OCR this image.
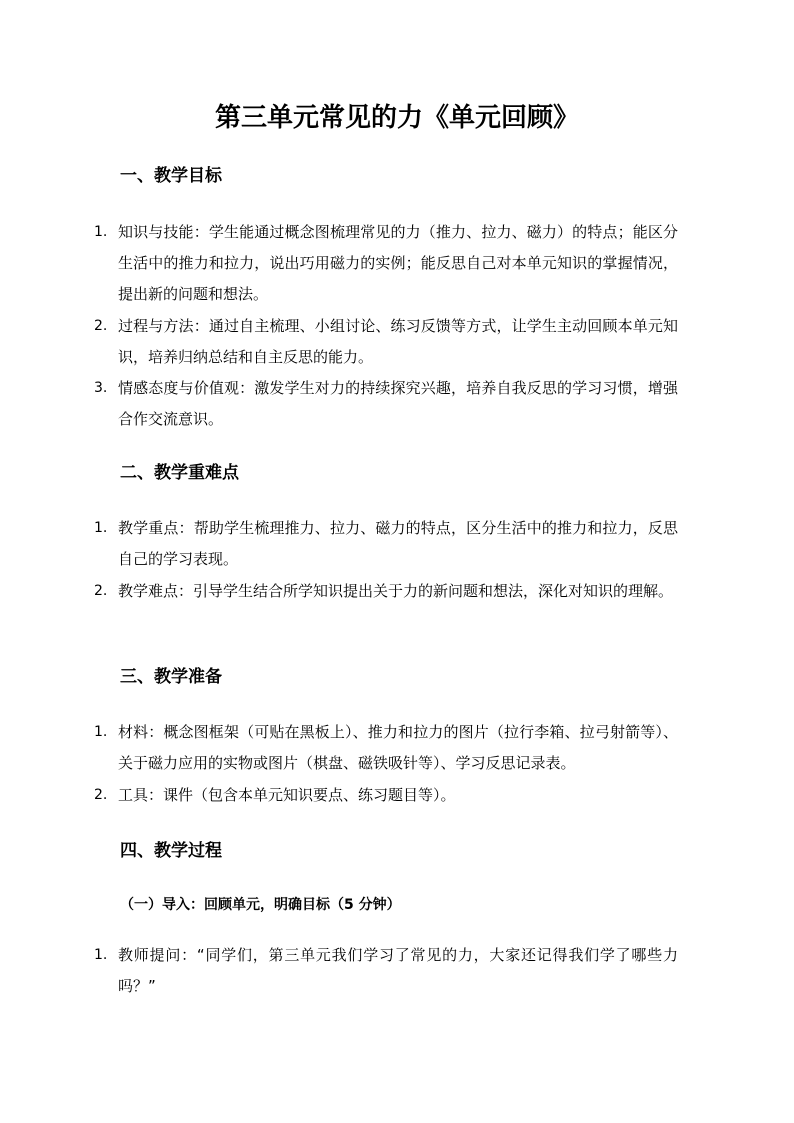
第三单元常见的力《单元回顾》
一、教学目标
1. 知识与技能：学生能通过概念图梳理常见的力（推力、拉力、磁力）的特点；能区分生活中的推力和拉力，说出巧用磁力的实例；能反思自己对本单元知识的掌握情况，提出新的问题和想法。
2. 过程与方法：通过自主梳理、小组讨论、练习反馈等方式，让学生主动回顾本单元知识，培养归纳总结和自主反思的能力。
3. 情感态度与价值观：激发学生对力的持续探究兴趣，培养自我反思的学习习惯，增强合作交流意识。
二、教学重难点
1. 教学重点：帮助学生梳理推力、拉力、磁力的特点，区分生活中的推力和拉力，反思自己的学习表现。
2. 教学难点：引导学生结合所学知识提出关于力的新问题和想法，深化对知识的理解。
三、教学准备
1. 材料：概念图框架（可贴在黑板上）、推力和拉力的图片（拉行李箱、拉弓射箭等）、关于磁力应用的实物或图片（棋盘、磁铁吸针等）、学习反思记录表。
2. 工具：课件（包含本单元知识要点、练习题目等）。
四、教学过程
（一）导入：回顾单元，明确目标（5 分钟）
1. 教师提问：“同学们，第三单元我们学习了常见的力，大家还记得我们学了哪些力吗？”
